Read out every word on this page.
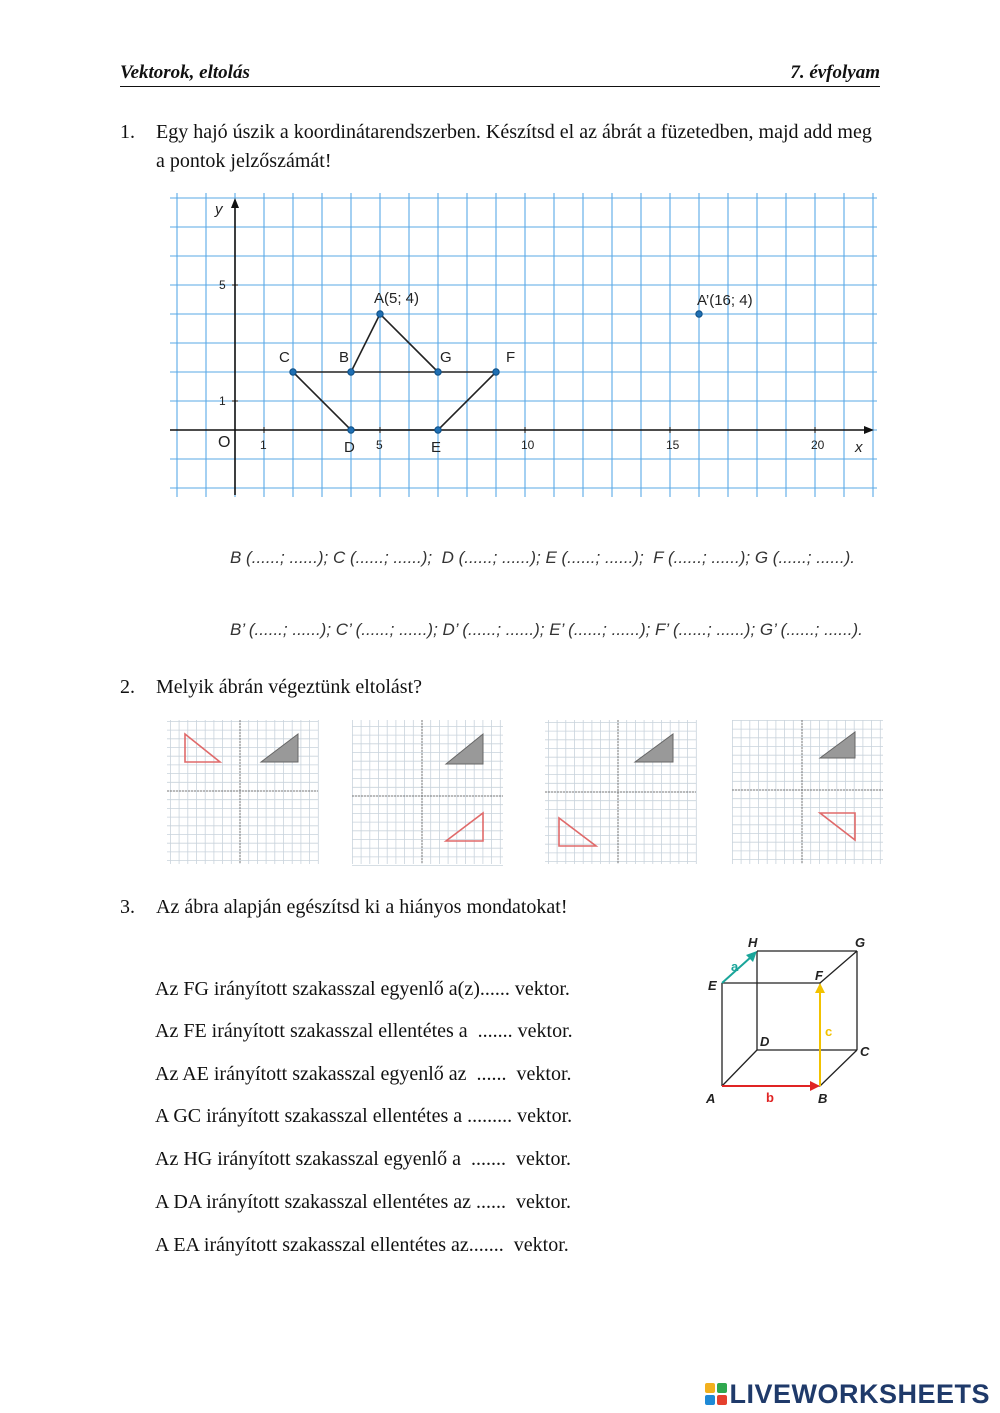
Vektorok, eltolás	7. évfolyam
1. Egy hajó úszik a koordinátarendszerben. Készítsd el az ábrát a füzetedben, majd add meg a pontok jelzőszámát!
1	5	10	15	20
1
5
x
y
O
A(5; 4)	A’(16; 4)
B
C
D	E
F
G
B (......; ......); C (......; ......);  D (......; ......); E (......; ......);  F (......; ......); G (......; ......).
B’ (......; ......); C’ (......; ......); D’ (......; ......); E’ (......; ......); F’ (......; ......); G’ (......; ......).
2. Melyik ábrán végeztünk eltolást?
3. Az ábra alapján egészítsd ki a hiányos mondatokat!
Az FG irányított szakasszal egyenlő a(z)...... vektor.
Az FE irányított szakasszal ellentétes a  ....... vektor.
Az AE irányított szakasszal egyenlő az  ......  vektor.
A GC irányított szakasszal ellentétes a ......... vektor.
Az HG irányított szakasszal egyenlő a  .......  vektor.
A DA irányított szakasszal ellentétes az ......  vektor.
A EA irányított szakasszal ellentétes az.......  vektor.
A	B
C
D
E
F
G
H
a
b
c
LIVEWORKSHEETS
